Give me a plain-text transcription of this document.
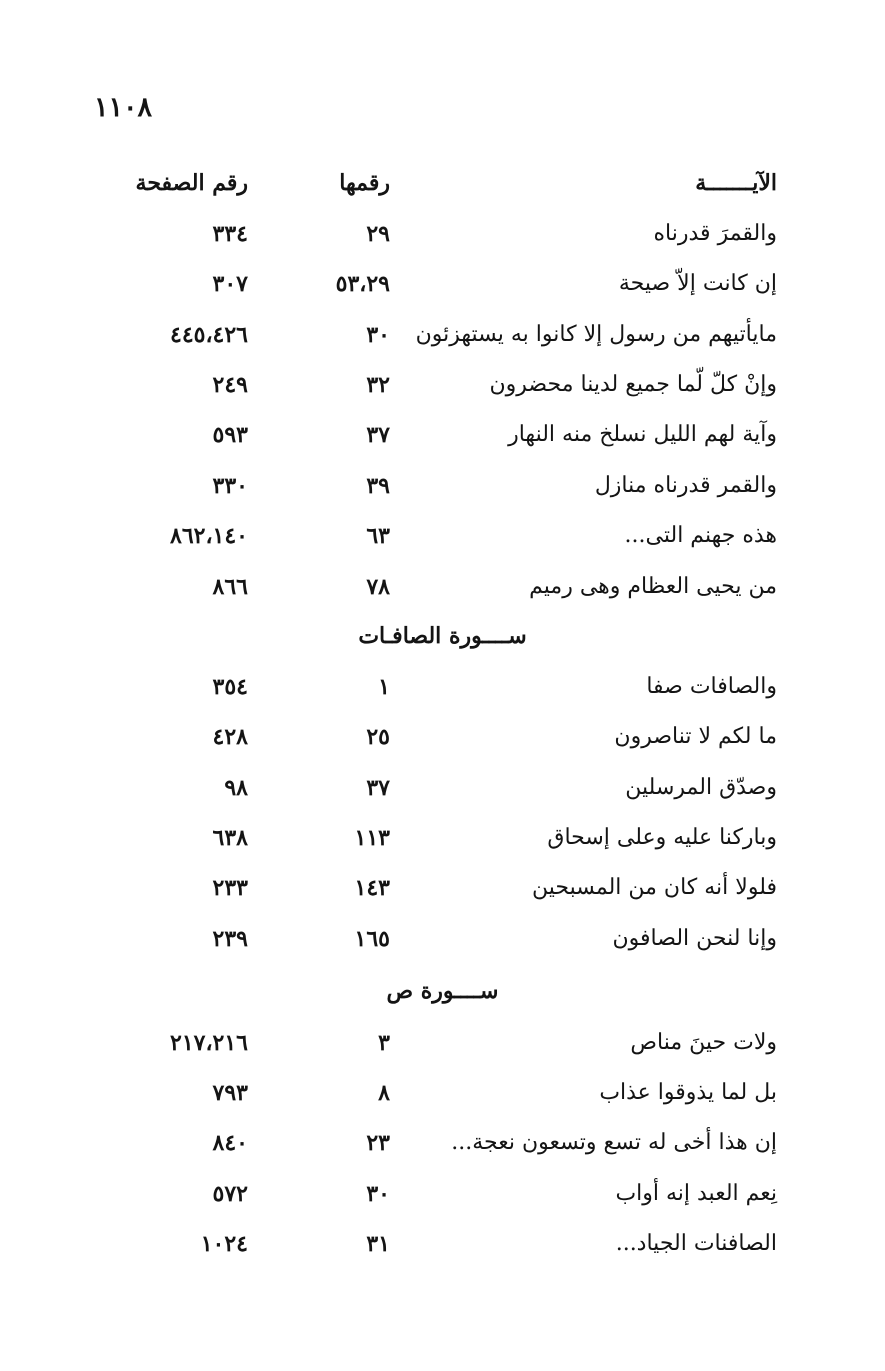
١١٠٨
الآيـــــــة
رقمها
رقم الصفحة
والقمرَ قدرناه
٢٩
٣٣٤
إن كانت إلاّ صيحة
٥٣،٢٩
٣٠٧
مايأتيهم من رسول إلا كانوا به يستهزئون
٣٠
٤٤٥،٤٢٦
وإنْ كلّ لّما جميع لدينا محضرون
٣٢
٢٤٩
وآية لهم الليل نسلخ منه النهار
٣٧
٥٩٣
والقمر قدرناه منازل
٣٩
٣٣٠
هذه جهنم التى...
٦٣
٨٦٢،١٤٠
من يحيى العظام وهى رميم
٧٨
٨٦٦
ســــورة الصافـات
والصافات صفا
١
٣٥٤
ما لكم لا تناصرون
٢٥
٤٢٨
وصدّق المرسلين
٣٧
٩٨
وباركنا عليه وعلى إسحاق
١١٣
٦٣٨
فلولا أنه كان من المسبحين
١٤٣
٢٣٣
وإنا لنحن الصافون
١٦٥
٢٣٩
ســــورة ص
ولات حينَ مناص
٣
٢١٧،٢١٦
بل لما يذوقوا عذاب
٨
٧٩٣
إن هذا أخى له تسع وتسعون نعجة...
٢٣
٨٤٠
نِعم العبد إنه أواب
٣٠
٥٧٢
الصافنات الجياد...
٣١
١٠٢٤
